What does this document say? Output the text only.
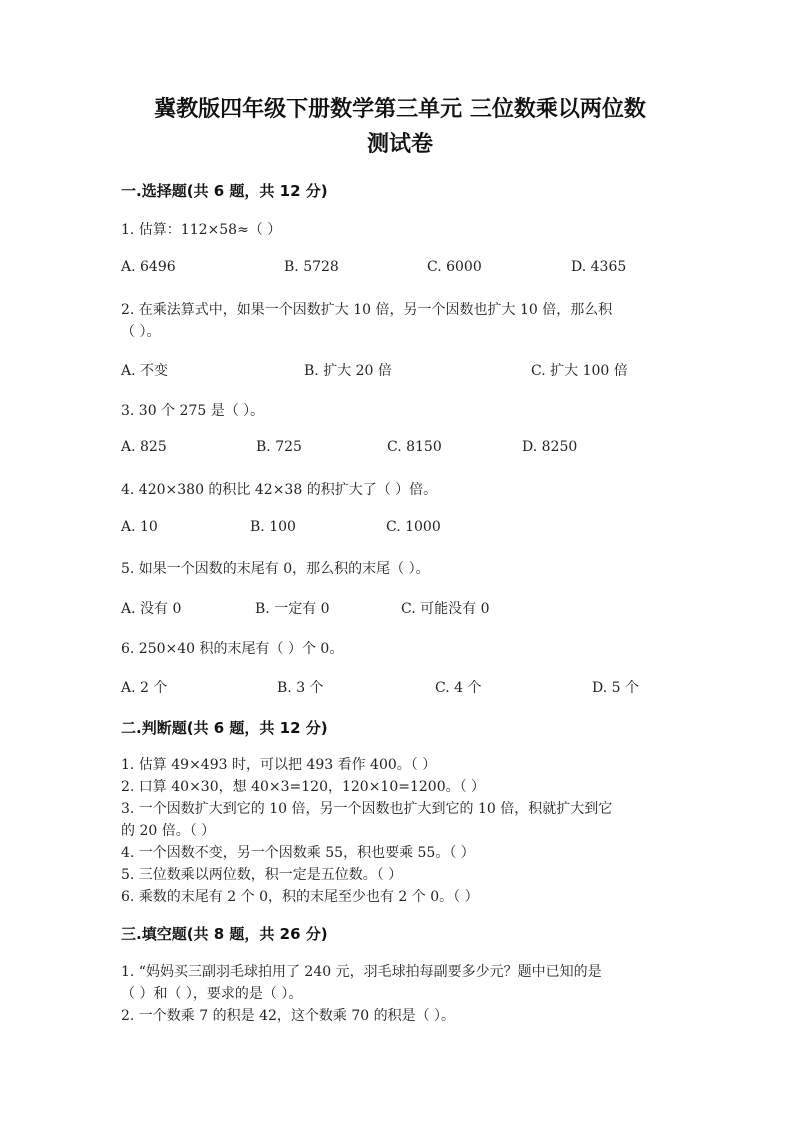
冀教版四年级下册数学第三单元 三位数乘以两位数
测试卷
一.选择题(共 6 题，共 12 分)
1. 估算：112×58≈（ ）
A. 6496	B. 5728	C. 6000	D. 4365
2. 在乘法算式中，如果一个因数扩大 10 倍，另一个因数也扩大 10 倍，那么积
（ ）。
A. 不变	B. 扩大 20 倍	C. 扩大 100 倍
3. 30 个 275 是（ ）。
A. 825	B. 725	C. 8150	D. 8250
4. 420×380 的积比 42×38 的积扩大了（ ）倍。
A. 10	B. 100	C. 1000
5. 如果一个因数的末尾有 0，那么积的末尾（ ）。
A. 没有 0	B. 一定有 0	C. 可能没有 0
6. 250×40 积的末尾有（ ）个 0。
A. 2 个	B. 3 个	C. 4 个	D. 5 个
二.判断题(共 6 题，共 12 分)
1. 估算 49×493 时，可以把 493 看作 400。（ ）
2. 口算 40×30，想 40×3=120，120×10=1200。（ ）
3. 一个因数扩大到它的 10 倍，另一个因数也扩大到它的 10 倍，积就扩大到它
的 20 倍。（ ）
4. 一个因数不变，另一个因数乘 55，积也要乘 55。（ ）
5. 三位数乘以两位数，积一定是五位数。（ ）
6. 乘数的末尾有 2 个 0，积的末尾至少也有 2 个 0。（ ）
三.填空题(共 8 题，共 26 分)
1. “妈妈买三副羽毛球拍用了 240 元，羽毛球拍每副要多少元？题中已知的是
（ ）和（ ），要求的是（ ）。
2. 一个数乘 7 的积是 42，这个数乘 70 的积是（ ）。
